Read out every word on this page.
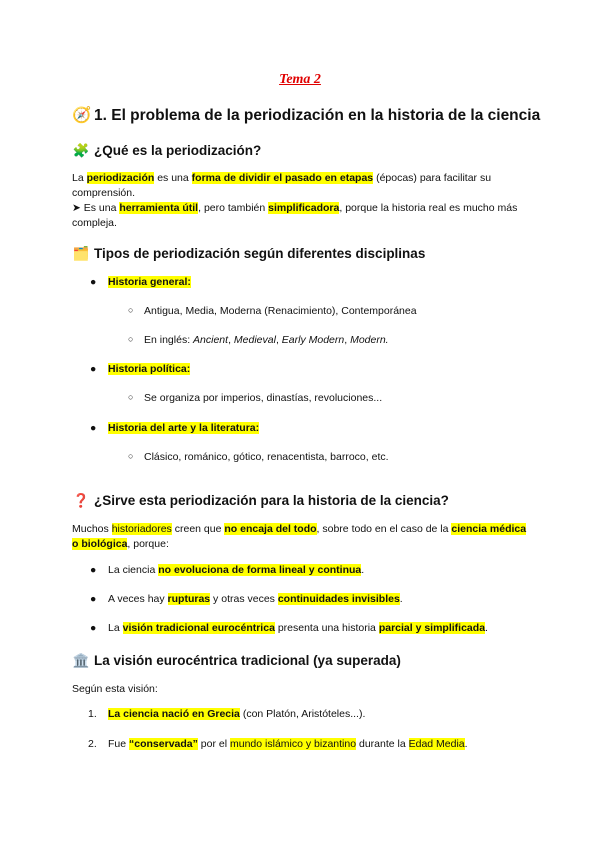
Tema 2
🧭 1. El problema de la periodización en la historia de la ciencia
🧩 ¿Qué es la periodización?
La periodización es una forma de dividir el pasado en etapas (épocas) para facilitar su comprensión.
➤ Es una herramienta útil, pero también simplificadora, porque la historia real es mucho más compleja.
🗂️ Tipos de periodización según diferentes disciplinas
● Historia general:
○ Antigua, Media, Moderna (Renacimiento), Contemporánea
○ En inglés: Ancient, Medieval, Early Modern, Modern.
● Historia política:
○ Se organiza por imperios, dinastías, revoluciones...
● Historia del arte y la literatura:
○ Clásico, románico, gótico, renacentista, barroco, etc.
❓ ¿Sirve esta periodización para la historia de la ciencia?
Muchos historiadores creen que no encaja del todo, sobre todo en el caso de la ciencia médica o biológica, porque:
● La ciencia no evoluciona de forma lineal y continua.
● A veces hay rupturas y otras veces continuidades invisibles.
● La visión tradicional eurocéntrica presenta una historia parcial y simplificada.
🏛️ La visión eurocéntrica tradicional (ya superada)
Según esta visión:
1. La ciencia nació en Grecia (con Platón, Aristóteles...).
2. Fue “conservada” por el mundo islámico y bizantino durante la Edad Media.
